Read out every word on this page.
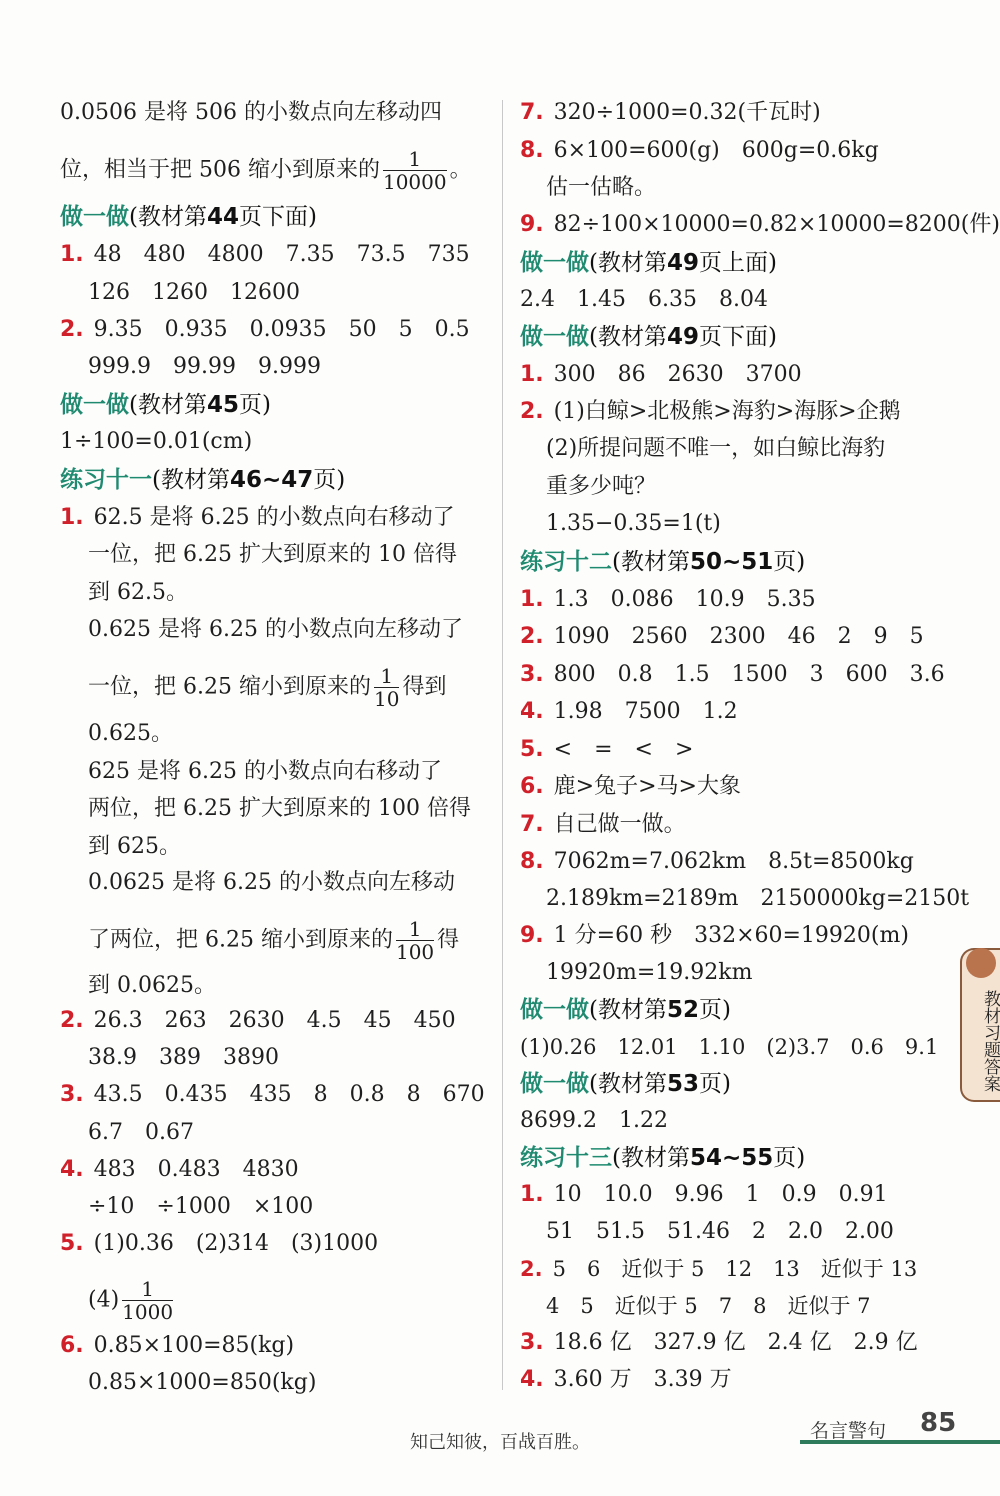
0.0506 是将 506 的小数点向左移动四
位，相当于把 506 缩小到原来的 $\frac{1}{10000}$ 。
做一做(教材第44页下面)
1. 48　480　4800　7.35　73.5　735
126　1260　12600
2. 9.35　0.935　0.0935　50　5　0.5
999.9　99.99　9.999
做一做(教材第45页)
1÷100=0.01(cm)
练习十一(教材第46~47页)
1. 62.5 是将 6.25 的小数点向右移动了
一位，把 6.25 扩大到原来的 10 倍得
到 62.5。
0.625 是将 6.25 的小数点向左移动了
一位，把 6.25 缩小到原来的 $\frac{1}{10}$ 得到
0.625。
625 是将 6.25 的小数点向右移动了
两位，把 6.25 扩大到原来的 100 倍得
到 625。
0.0625 是将 6.25 的小数点向左移动
了两位，把 6.25 缩小到原来的 $\frac{1}{100}$ 得
到 0.0625。
2. 26.3　263　2630　4.5　45　450
38.9　389　3890
3. 43.5　0.435　435　8　0.8　8　670
6.7　0.67
4. 483　0.483　4830
÷10　÷1000　×100
5. (1)0.36　(2)314　(3)1000
$(4) \frac{1}{1000}$
6. 0.85×100=85(kg)
0.85×1000=850(kg)
7. 320÷1000=0.32(千瓦时)
8. 6×100=600(g)　600g=0.6kg
估一估略。
9. 82÷100×10000=0.82×10000=8200(件)
做一做(教材第49页上面)
2.4　1.45　6.35　8.04
做一做(教材第49页下面)
1. 300　86　2630　3700
2. (1)白鲸>北极熊>海豹>海豚>企鹅
(2)所提问题不唯一，如白鲸比海豹
重多少吨？
1.35−0.35=1(t)
练习十二(教材第50~51页)
1. 1.3　0.086　10.9　5.35
2. 1090　2560　2300　46　2　9　5
3. 800　0.8　1.5　1500　3　600　3.6
4. 1.98　7500　1.2
5. <　=　<　>
6. 鹿>兔子>马>大象
7. 自己做一做。
8. 7062m=7.062km　8.5t=8500kg
2.189km=2189m　2150000kg=2150t
9. 1 分=60 秒　332×60=19920(m)
19920m=19.92km
做一做(教材第52页)
(1)0.26　12.01　1.10　(2)3.7　0.6　9.1
做一做(教材第53页)
8699.2　1.22
练习十三(教材第54~55页)
1. 10　10.0　9.96　1　0.9　0.91
51　51.5　51.46　2　2.0　2.00
2. 5　6　近似于 5　12　13　近似于 13
4　5　近似于 5　7　8　近似于 7
3. 18.6 亿　327.9 亿　2.4 亿　2.9 亿
4. 3.60 万　3.39 万
教材习题答案
知己知彼，百战百胜。
名言警句 85
